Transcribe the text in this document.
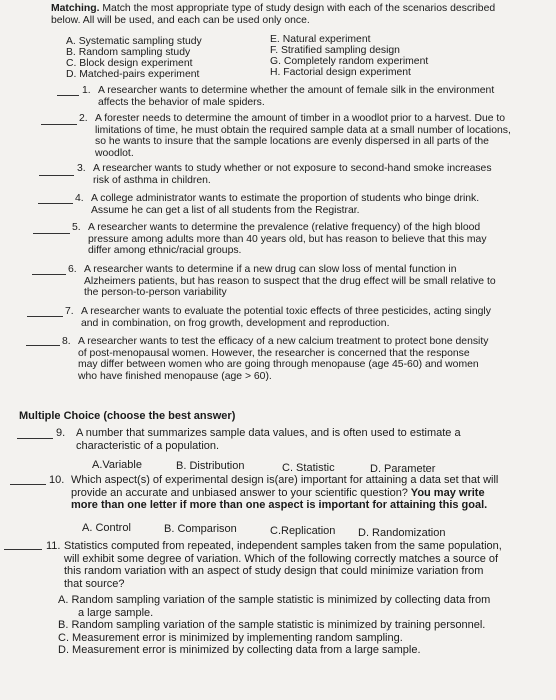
Matching. Match the most appropriate type of study design with each of the scenarios described
below. All will be used, and each can be used only once.
A. Systematic sampling study
B. Random sampling study
C. Block design experiment
D. Matched-pairs experiment
E. Natural experiment
F. Stratified sampling design
G. Completely random experiment
H. Factorial design experiment
1. A researcher wants to determine whether the amount of female silk in the environment
affects the behavior of male spiders.
2. A forester needs to determine the amount of timber in a woodlot prior to a harvest. Due to
limitations of time, he must obtain the required sample data at a small number of locations,
so he wants to insure that the sample locations are evenly dispersed in all parts of the
woodlot.
3. A researcher wants to study whether or not exposure to second-hand smoke increases
risk of asthma in children.
4. A college administrator wants to estimate the proportion of students who binge drink.
Assume he can get a list of all students from the Registrar.
5. A researcher wants to determine the prevalence (relative frequency) of the high blood
pressure among adults more than 40 years old, but has reason to believe that this may
differ among ethnic/racial groups.
6. A researcher wants to determine if a new drug can slow loss of mental function in
Alzheimers patients, but has reason to suspect that the drug effect will be small relative to
the person-to-person variability
7. A researcher wants to evaluate the potential toxic effects of three pesticides, acting singly
and in combination, on frog growth, development and reproduction.
8. A researcher wants to test the efficacy of a new calcium treatment to protect bone density
of post-menopausal women. However, the researcher is concerned that the response
may differ between women who are going through menopause (age 45-60) and women
who have finished menopause (age > 60).
Multiple Choice (choose the best answer)
9. A number that summarizes sample data values, and is often used to estimate a
characteristic of a population.
A.Variable	B. Distribution	C. Statistic	D. Parameter
10. Which aspect(s) of experimental design is(are) important for attaining a data set that will
provide an accurate and unbiased answer to your scientific question? You may write
more than one letter if more than one aspect is important for attaining this goal.
A. Control	B. Comparison	C.Replication D. Randomization
11. Statistics computed from repeated, independent samples taken from the same population,
will exhibit some degree of variation. Which of the following correctly matches a source of
this random variation with an aspect of study design that could minimize variation from
that source?
A. Random sampling variation of the sample statistic is minimized by collecting data from
a large sample.
B. Random sampling variation of the sample statistic is minimized by training personnel.
C. Measurement error is minimized by implementing random sampling.
D. Measurement error is minimized by collecting data from a large sample.
